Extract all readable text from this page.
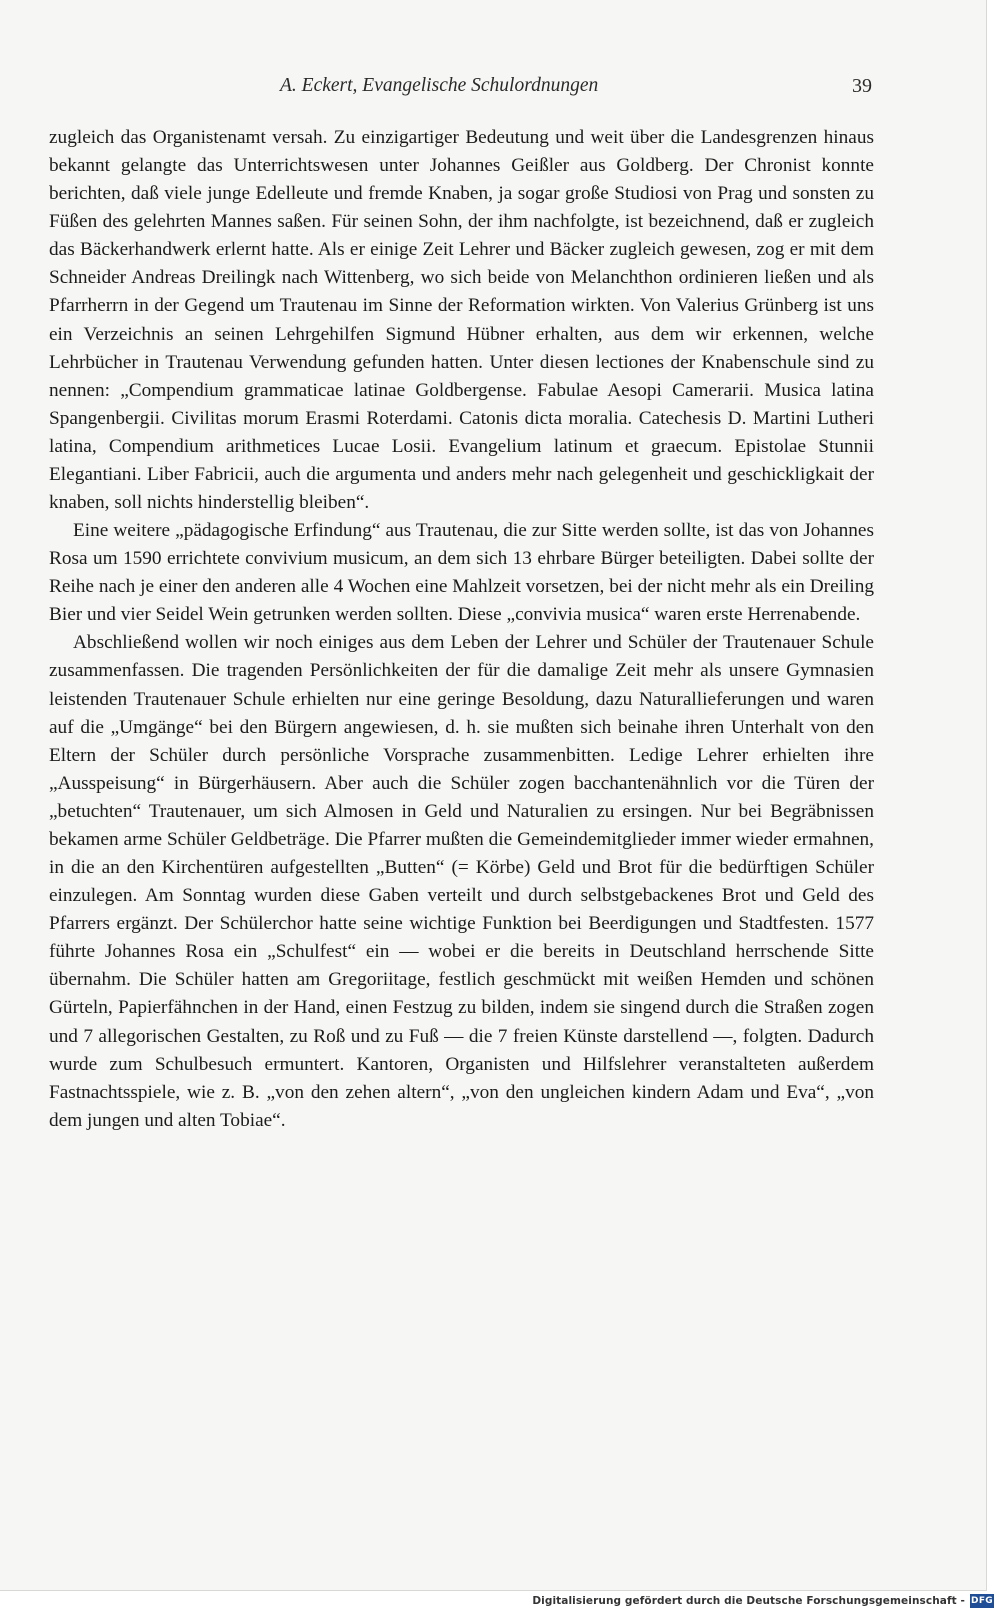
A. Eckert, Evangelische Schulordnungen	39

zugleich das Organistenamt versah. Zu einzigartiger Bedeutung und weit über die Landesgrenzen hinaus bekannt gelangte das Unterrichtswesen unter Johannes Geißler aus Goldberg. Der Chronist konnte berichten, daß viele junge Edelleute und fremde Knaben, ja sogar große Studiosi von Prag und sonsten zu Füßen des gelehrten Mannes saßen. Für seinen Sohn, der ihm nachfolgte, ist bezeichnend, daß er zugleich das Bäckerhandwerk erlernt hatte. Als er einige Zeit Lehrer und Bäcker zugleich gewesen, zog er mit dem Schneider Andreas Dreilingk nach Wittenberg, wo sich beide von Melanchthon ordinieren ließen und als Pfarrherrn in der Gegend um Trautenau im Sinne der Reformation wirkten. Von Valerius Grünberg ist uns ein Verzeichnis an seinen Lehrgehilfen Sigmund Hübner erhalten, aus dem wir erkennen, welche Lehrbücher in Trautenau Verwendung gefunden hatten. Unter diesen lectiones der Knabenschule sind zu nennen: „Compendium grammaticae latinae Goldbergense. Fabulae Aesopi Camerarii. Musica latina Spangenbergii. Civilitas morum Erasmi Roterdami. Catonis dicta moralia. Catechesis D. Martini Lutheri latina, Compendium arithmetices Lucae Losii. Evangelium latinum et graecum. Epistolae Stunnii Elegantiani. Liber Fabricii, auch die argumenta und anders mehr nach gelegenheit und geschickligkait der knaben, soll nichts hinderstellig bleiben“.

Eine weitere „pädagogische Erfindung“ aus Trautenau, die zur Sitte werden sollte, ist das von Johannes Rosa um 1590 errichtete convivium musicum, an dem sich 13 ehrbare Bürger beteiligten. Dabei sollte der Reihe nach je einer den anderen alle 4 Wochen eine Mahlzeit vorsetzen, bei der nicht mehr als ein Dreiling Bier und vier Seidel Wein getrunken werden sollten. Diese „convivia musica“ waren erste Herrenabende.

Abschließend wollen wir noch einiges aus dem Leben der Lehrer und Schüler der Trautenauer Schule zusammenfassen. Die tragenden Persönlichkeiten der für die damalige Zeit mehr als unsere Gymnasien leistenden Trautenauer Schule erhielten nur eine geringe Besoldung, dazu Naturallieferungen und waren auf die „Umgänge“ bei den Bürgern angewiesen, d. h. sie mußten sich beinahe ihren Unterhalt von den Eltern der Schüler durch persönliche Vorsprache zusammenbitten. Ledige Lehrer erhielten ihre „Ausspeisung“ in Bürgerhäusern. Aber auch die Schüler zogen bacchantenähnlich vor die Türen der „betuchten“ Trautenauer, um sich Almosen in Geld und Naturalien zu ersingen. Nur bei Begräbnissen bekamen arme Schüler Geldbeträge. Die Pfarrer mußten die Gemeindemitglieder immer wieder ermahnen, in die an den Kirchentüren aufgestellten „Butten“ (= Körbe) Geld und Brot für die bedürftigen Schüler einzulegen. Am Sonntag wurden diese Gaben verteilt und durch selbstgebackenes Brot und Geld des Pfarrers ergänzt. Der Schülerchor hatte seine wichtige Funktion bei Beerdigungen und Stadtfesten. 1577 führte Johannes Rosa ein „Schulfest“ ein — wobei er die bereits in Deutschland herrschende Sitte übernahm. Die Schüler hatten am Gregoriitage, festlich geschmückt mit weißen Hemden und schönen Gürteln, Papierfähnchen in der Hand, einen Festzug zu bilden, indem sie singend durch die Straßen zogen und 7 allegorischen Gestalten, zu Roß und zu Fuß — die 7 freien Künste darstellend —, folgten. Dadurch wurde zum Schulbesuch ermuntert. Kantoren, Organisten und Hilfslehrer veranstalteten außerdem Fastnachtsspiele, wie z. B. „von den zehen altern“, „von den ungleichen kindern Adam und Eva“, „von dem jungen und alten Tobiae“.

Digitalisierung gefördert durch die Deutsche Forschungsgemeinschaft - DFG
